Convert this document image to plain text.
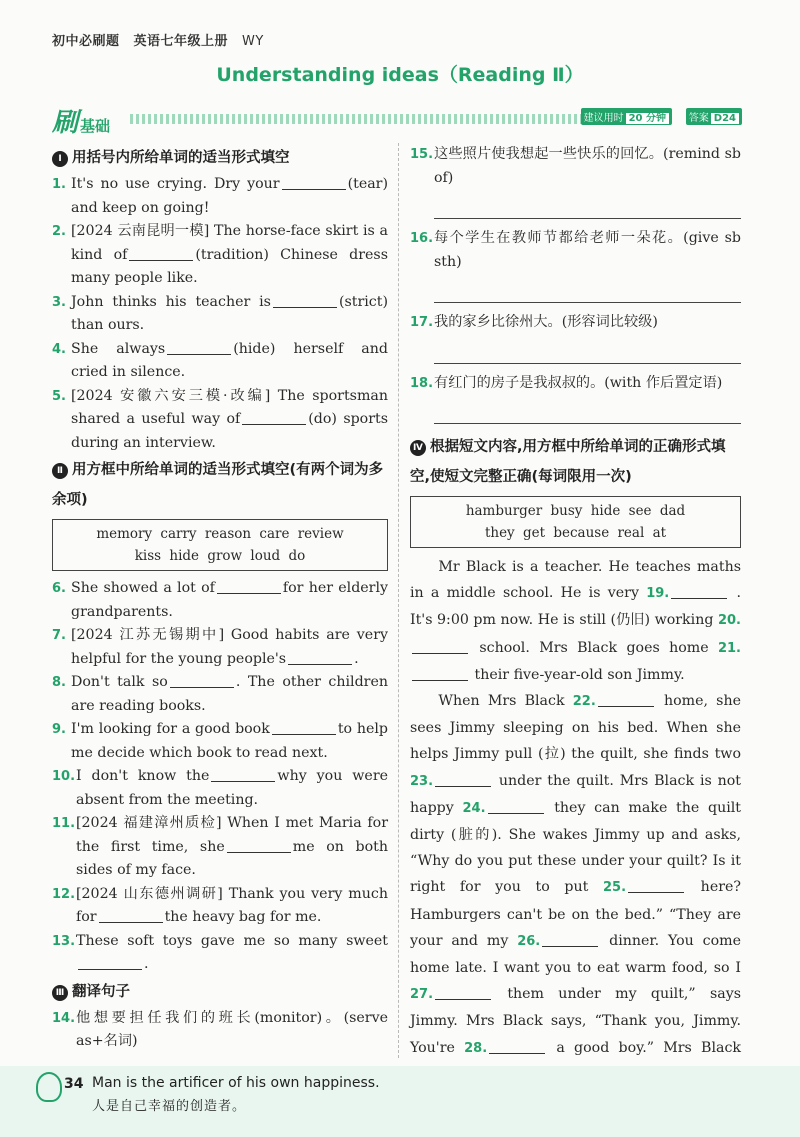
初中必刷题 英语七年级上册 WY
Understanding ideas（Reading Ⅱ）
刷基础	建议用时 20 分钟	答案 D24
Ⅰ 用括号内所给单词的适当形式填空
1. It's no use crying. Dry your	(tear) and keep on going!
2. [2024 云南昆明一模] The horse-face skirt is a kind of	(tradition) Chinese dress many people like.
3. John thinks his teacher is	(strict) than ours.
4. She always	(hide) herself and cried in silence.
5. [2024 安徽六安三模·改编] The sportsman shared a useful way of	(do) sports during an interview.
Ⅱ 用方框中所给单词的适当形式填空(有两个词为多余项)
memory carry reason care review
kiss hide grow loud do
6. She showed a lot of	for her elderly grandparents.
7. [2024 江苏无锡期中] Good habits are very helpful for the young people's	.
8. Don't talk so	. The other children are reading books.
9. I'm looking for a good book	to help me decide which book to read next.
10. I don't know the	why you were absent from the meeting.
11. [2024 福建漳州质检] When I met Maria for the first time, she	me on both sides of my face.
12. [2024 山东德州调研] Thank you very much for	the heavy bag for me.
13. These soft toys gave me so many sweet.
Ⅲ 翻译句子
14. 他想要担任我们的班长(monitor)。(serve as+名词)
15. 这些照片使我想起一些快乐的回忆。(remind sb of)
16. 每个学生在教师节都给老师一朵花。(give sb sth)
17. 我的家乡比徐州大。(形容词比较级)
18. 有红门的房子是我叔叔的。(with 作后置定语)
Ⅳ 根据短文内容,用方框中所给单词的正确形式填空,使短文完整正确(每词限用一次)
hamburger busy hide see dad
they get because real at
Mr Black is a teacher. He teaches maths in a middle school. He is very 19.	. It's 9:00 pm now. He is still (仍旧) working 20. school. Mrs Black goes home 21. their five-year-old son Jimmy.
When Mrs Black 22.	home, she sees Jimmy sleeping on his bed. When she helps Jimmy pull (拉) the quilt, she finds two 23.	under the quilt. Mrs Black is not happy 24.	they can make the quilt dirty (脏的). She wakes Jimmy up and asks, “Why do you put these under your quilt? Is it right for you to put 25.	here? Hamburgers can't be on the bed.” “They are your and my 26.	dinner. You come home late. I want you to eat warm food, so I 27.	them under my quilt,” says Jimmy. Mrs Black says, “Thank you, Jimmy. You're 28.	a good boy.” Mrs Black
34 Man is the artificer of his own happiness.
人是自己幸福的创造者。
